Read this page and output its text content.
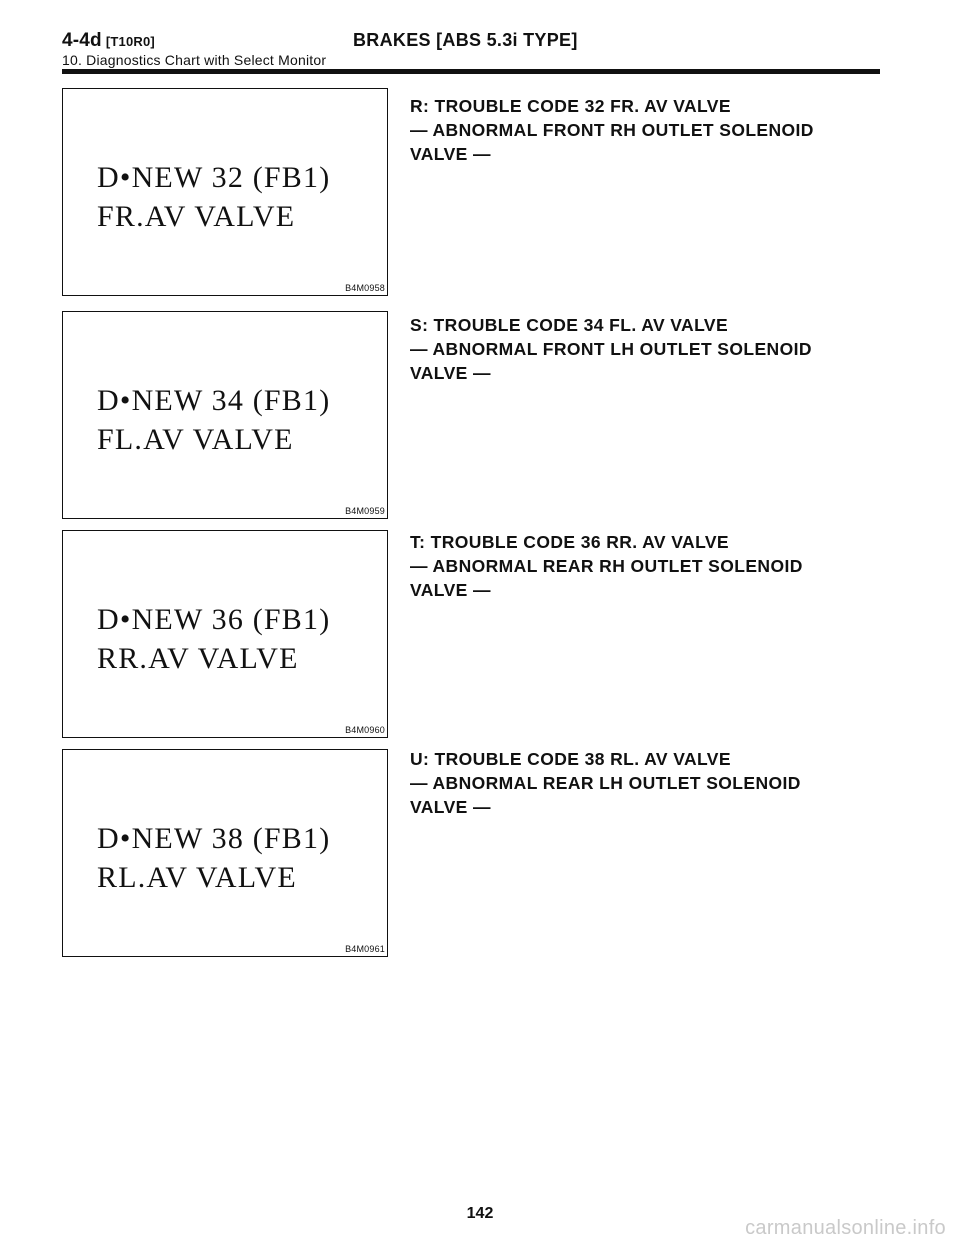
4-4d [T10R0]	BRAKES [ABS 5.3i TYPE]
10. Diagnostics Chart with Select Monitor
D•NEW 32 (FB1)
FR.AV VALVE
B4M0958
R: TROUBLE CODE 32 FR. AV VALVE
— ABNORMAL FRONT RH OUTLET SOLENOID
VALVE —
D•NEW 34 (FB1)
FL.AV VALVE
B4M0959
S: TROUBLE CODE 34 FL. AV VALVE
— ABNORMAL FRONT LH OUTLET SOLENOID
VALVE —
D•NEW 36 (FB1)
RR.AV VALVE
B4M0960
T: TROUBLE CODE 36 RR. AV VALVE
— ABNORMAL REAR RH OUTLET SOLENOID
VALVE —
D•NEW 38 (FB1)
RL.AV VALVE
B4M0961
U: TROUBLE CODE 38 RL. AV VALVE
— ABNORMAL REAR LH OUTLET SOLENOID
VALVE —
142
carmanualsonline.info
